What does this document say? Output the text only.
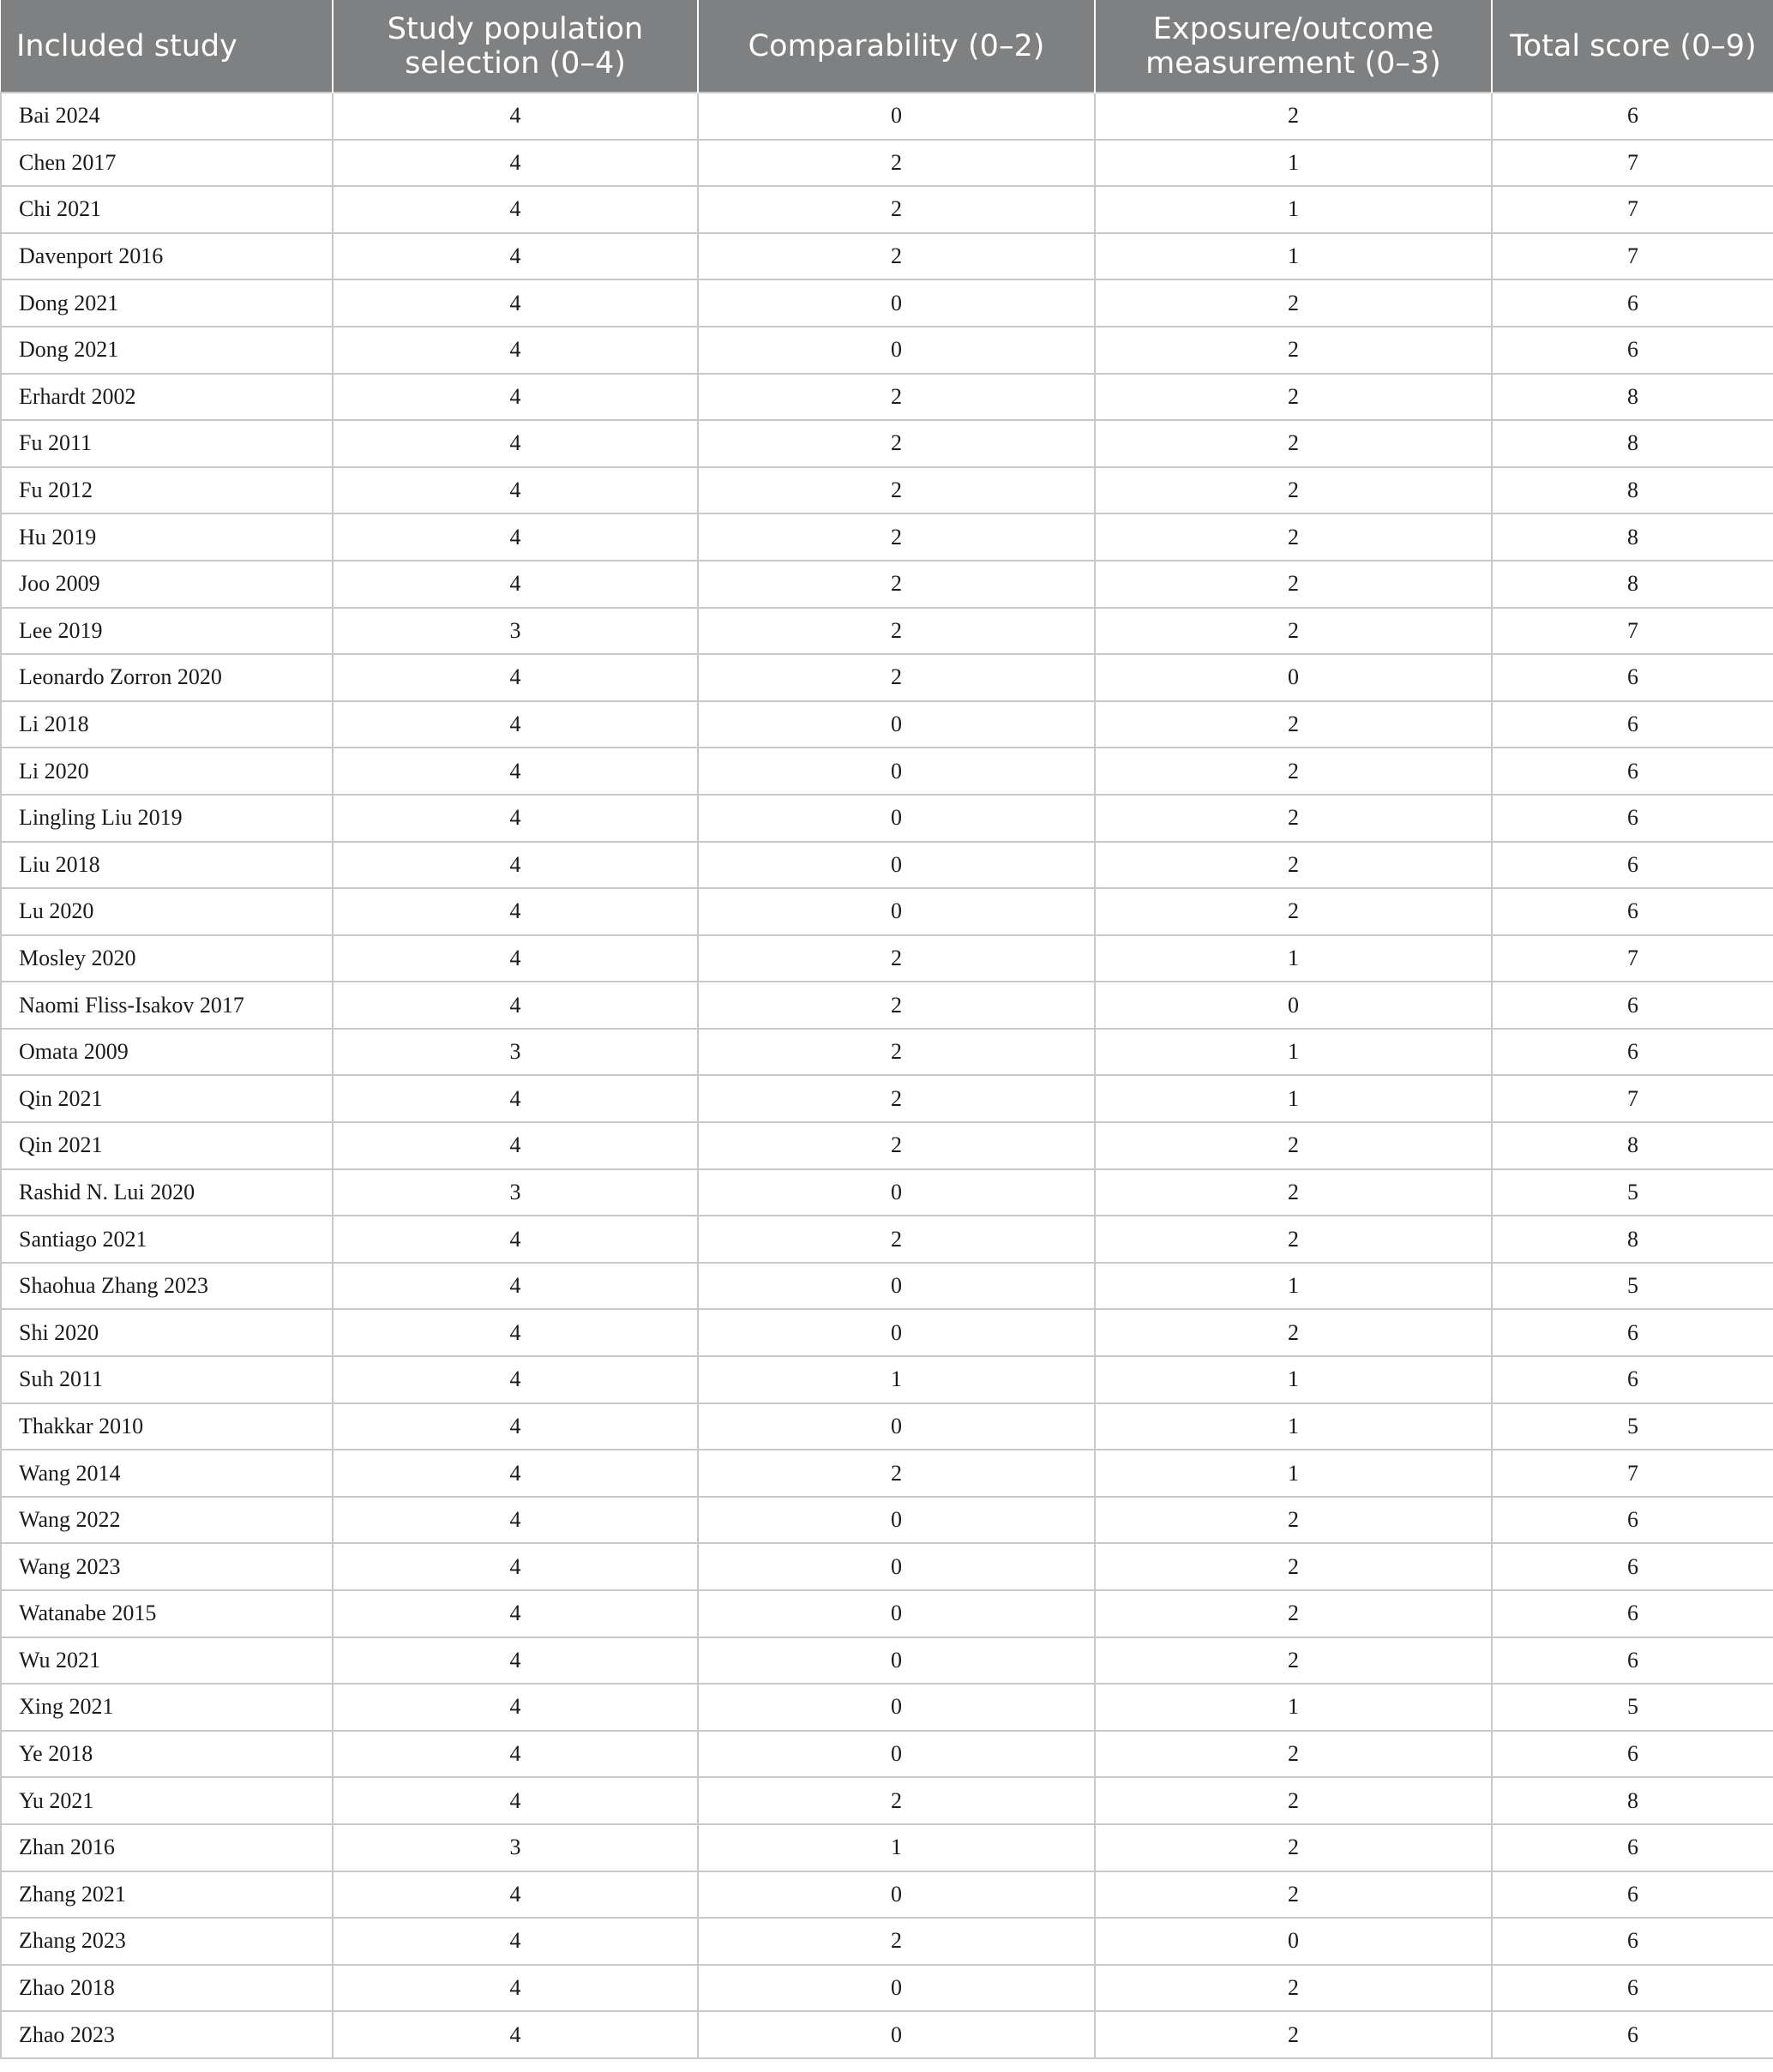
Included study	Study population selection (0–4)	Comparability (0–2)	Exposure/outcome measurement (0–3)	Total score (0–9)
Bai 2024	4	0	2	6
Chen 2017	4	2	1	7
Chi 2021	4	2	1	7
Davenport 2016	4	2	1	7
Dong 2021	4	0	2	6
Dong 2021	4	0	2	6
Erhardt 2002	4	2	2	8
Fu 2011	4	2	2	8
Fu 2012	4	2	2	8
Hu 2019	4	2	2	8
Joo 2009	4	2	2	8
Lee 2019	3	2	2	7
Leonardo Zorron 2020	4	2	0	6
Li 2018	4	0	2	6
Li 2020	4	0	2	6
Lingling Liu 2019	4	0	2	6
Liu 2018	4	0	2	6
Lu 2020	4	0	2	6
Mosley 2020	4	2	1	7
Naomi Fliss-Isakov 2017	4	2	0	6
Omata 2009	3	2	1	6
Qin 2021	4	2	1	7
Qin 2021	4	2	2	8
Rashid N. Lui 2020	3	0	2	5
Santiago 2021	4	2	2	8
Shaohua Zhang 2023	4	0	1	5
Shi 2020	4	0	2	6
Suh 2011	4	1	1	6
Thakkar 2010	4	0	1	5
Wang 2014	4	2	1	7
Wang 2022	4	0	2	6
Wang 2023	4	0	2	6
Watanabe 2015	4	0	2	6
Wu 2021	4	0	2	6
Xing 2021	4	0	1	5
Ye 2018	4	0	2	6
Yu 2021	4	2	2	8
Zhan 2016	3	1	2	6
Zhang 2021	4	0	2	6
Zhang 2023	4	2	0	6
Zhao 2018	4	0	2	6
Zhao 2023	4	0	2	6
